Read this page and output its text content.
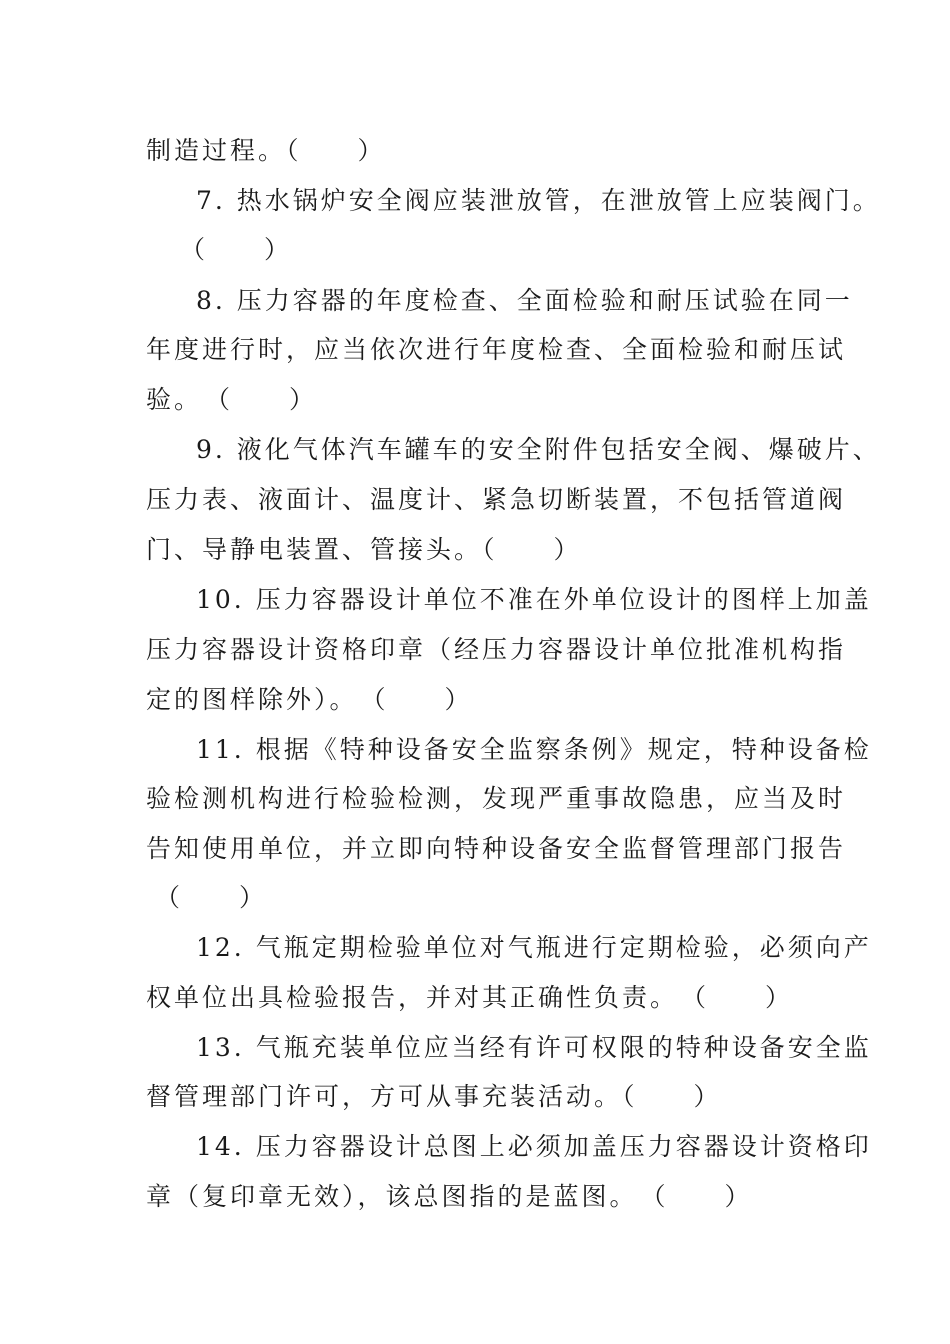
制造过程。（　　）
7. 热水锅炉安全阀应装泄放管，在泄放管上应装阀门。
（　　）
8. 压力容器的年度检查、全面检验和耐压试验在同一
年度进行时，应当依次进行年度检查、全面检验和耐压试
验。　（　　）
9. 液化气体汽车罐车的安全附件包括安全阀、爆破片、
压力表、液面计、温度计、紧急切断装置，不包括管道阀
门、导静电装置、管接头。（　　）
10. 压力容器设计单位不准在外单位设计的图样上加盖
压力容器设计资格印章（经压力容器设计单位批准机构指
定的图样除外）。　（　　）
11. 根据《特种设备安全监察条例》规定，特种设备检
验检测机构进行检验检测，发现严重事故隐患，应当及时
告知使用单位，并立即向特种设备安全监督管理部门报告
（　　）
12. 气瓶定期检验单位对气瓶进行定期检验，必须向产
权单位出具检验报告，并对其正确性负责。　（　　）
13. 气瓶充装单位应当经有许可权限的特种设备安全监
督管理部门许可，方可从事充装活动。（　　）
14. 压力容器设计总图上必须加盖压力容器设计资格印
章（复印章无效），该总图指的是蓝图。　（　　）
